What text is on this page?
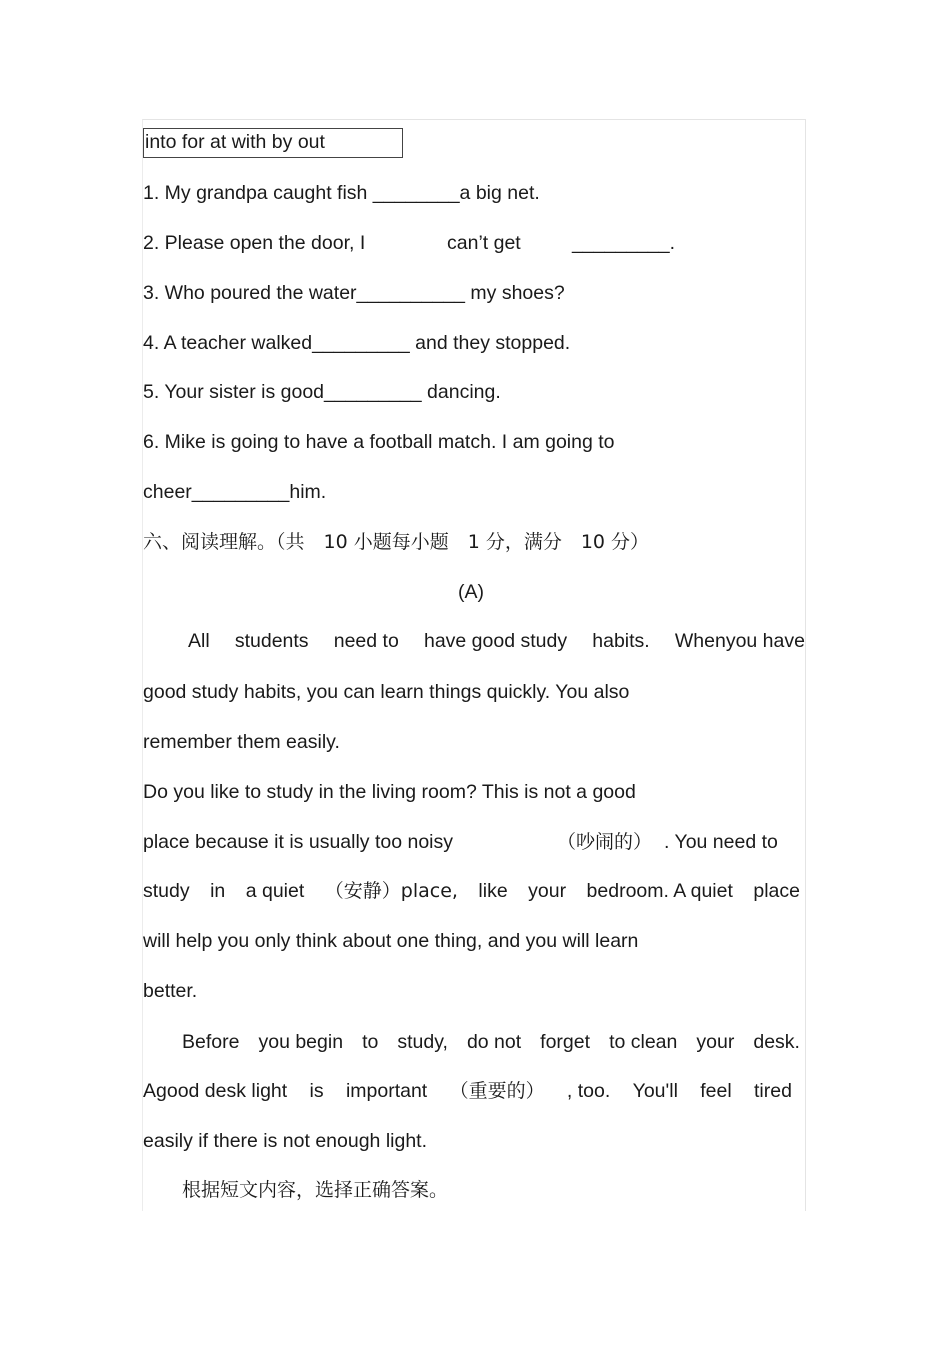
into for at with by out
1. My grandpa caught fish ________a big net.
2. Please open the door, I	can’t get	_________.
3. Who poured the water__________ my shoes?
4. A teacher walked_________ and they stopped.
5. Your sister is good_________ dancing.
6. Mike is going to have a football match. I am going to
cheer_________him.
六、阅读理解。（共　10 小题每小题　1 分，满分　10 分）
(A)
All students need to have good study habits. Whenyou have
good study habits, you can learn things quickly. You also
remember them easily.
Do you like to study in the living room? This is not a good
place because it is usually too noisy	（吵闹的） . You need to
study in a quiet （安静）place, like your bedroom. A quiet place
will help you only think about one thing, and you will learn
better.
Before you begin to study, do not forget to clean your desk.
Agood desk light is important （重要的） , too. You'll feel tired
easily if there is not enough light.
根据短文内容，选择正确答案。
